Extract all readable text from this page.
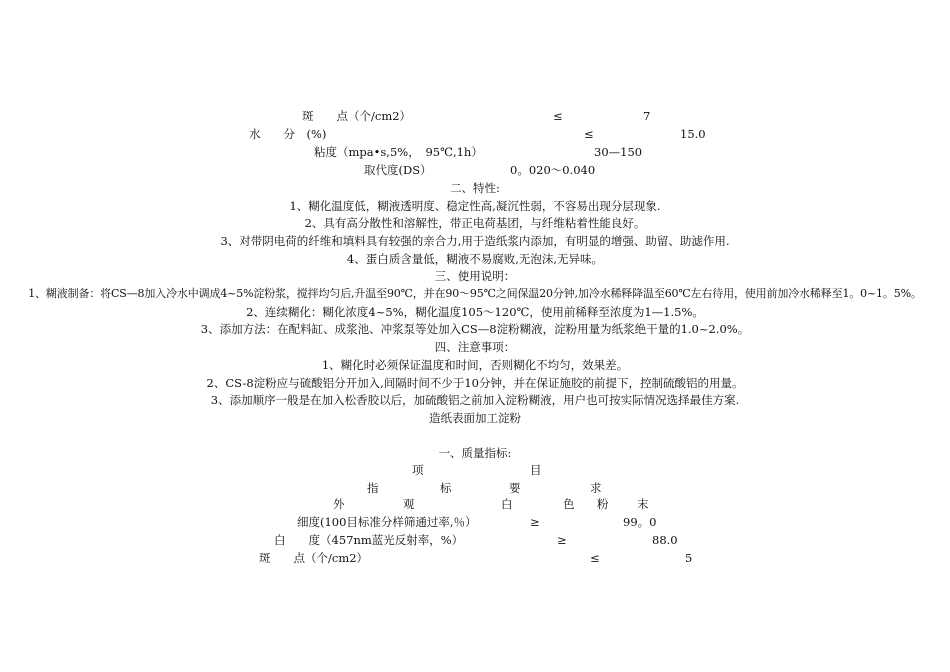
斑　　点（个/cm2）	≤	7
水　　分　(%)	≤	15.0
粘度（mpa•s,5%，　95℃,1h）	30—150
取代度(DS）	0。020～0.040
二、特性:
1、糊化温度低，糊液透明度、稳定性高,凝沉性弱，不容易出现分层现象.
2、具有高分散性和溶解性，带正电荷基团，与纤维粘着性能良好。
3、对带阴电荷的纤维和填料具有较强的亲合力,用于造纸浆内添加，有明显的增强、助留、助滤作用.
4、蛋白质含量低，糊液不易腐败,无泡沫,无异味。
三、使用说明：
1、糊液制备：将CS—8加入冷水中调成4~5%淀粉浆，搅拌均匀后,升温至90℃，并在90～95℃之间保温20分钟,加冷水稀释降温至60℃左右待用，使用前加冷水稀释至1。0~1。5%。
2、连续糊化：糊化浓度4~5%，糊化温度105～120℃，使用前稀释至浓度为1—1.5%。
3、添加方法：在配料缸、成浆池、冲浆泵等处加入CS—8淀粉糊液，淀粉用量为纸浆绝干量的1.0~2.0%。
四、注意事项：
1、糊化时必须保证温度和时间，否则糊化不均匀，效果差。
2、CS-8淀粉应与硫酸铝分开加入,间隔时间不少于10分钟，并在保证施胶的前提下，控制硫酸铝的用量。
3、添加顺序一般是在加入松香胶以后，加硫酸铝之前加入淀粉糊液，用户也可按实际情况选择最佳方案.
造纸表面加工淀粉
一、质量指标:
项	目
指	标	要	求
外	观	白	色 粉 末
细度(100目标准分样筛通过率,％）	≥	99。0
白　　度（457nm蓝光反射率，%）	≥	88.0
斑　　点（个/cm2）	≤	5
